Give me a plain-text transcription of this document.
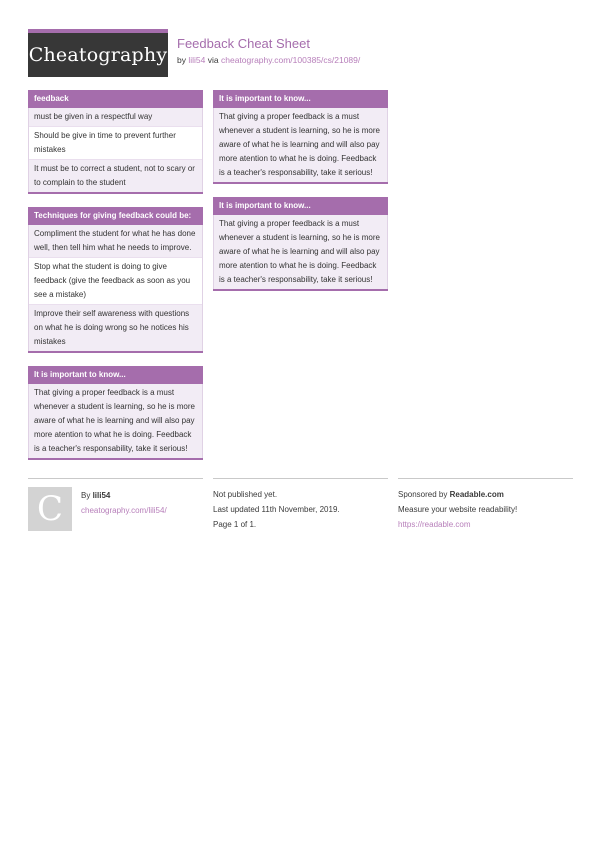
Cheatography
Feedback Cheat Sheet
by lili54 via cheatography.com/100385/cs/21089/
feedback
must be given in a respectful way
Should be give in time to prevent further mistakes
It must be to correct a student, not to scary or to complain to the student
Techniques for giving feedback could be:
Compliment the student for what he has done well, then tell him what he needs to improve.
Stop what the student is doing to give feedback (give the feedback as soon as you see a mistake)
Improve their self awareness with questions on what he is doing wrong so he notices his mistakes
It is important to know...
That giving a proper feedback is a must whenever a student is learning, so he is more aware of what he is learning and will also pay more atention to what he is doing. Feedback is a teacher's responsability, take it serious!
It is important to know...
That giving a proper feedback is a must whenever a student is learning, so he is more aware of what he is learning and will also pay more atention to what he is doing. Feedback is a teacher's responsability, take it serious!
It is important to know...
That giving a proper feedback is a must whenever a student is learning, so he is more aware of what he is learning and will also pay more atention to what he is doing. Feedback is a teacher's responsability, take it serious!
C By lili54
cheatography.com/lili54/
Not published yet.
Last updated 11th November, 2019.
Page 1 of 1.
Sponsored by Readable.com
Measure your website readability!
https://readable.com
